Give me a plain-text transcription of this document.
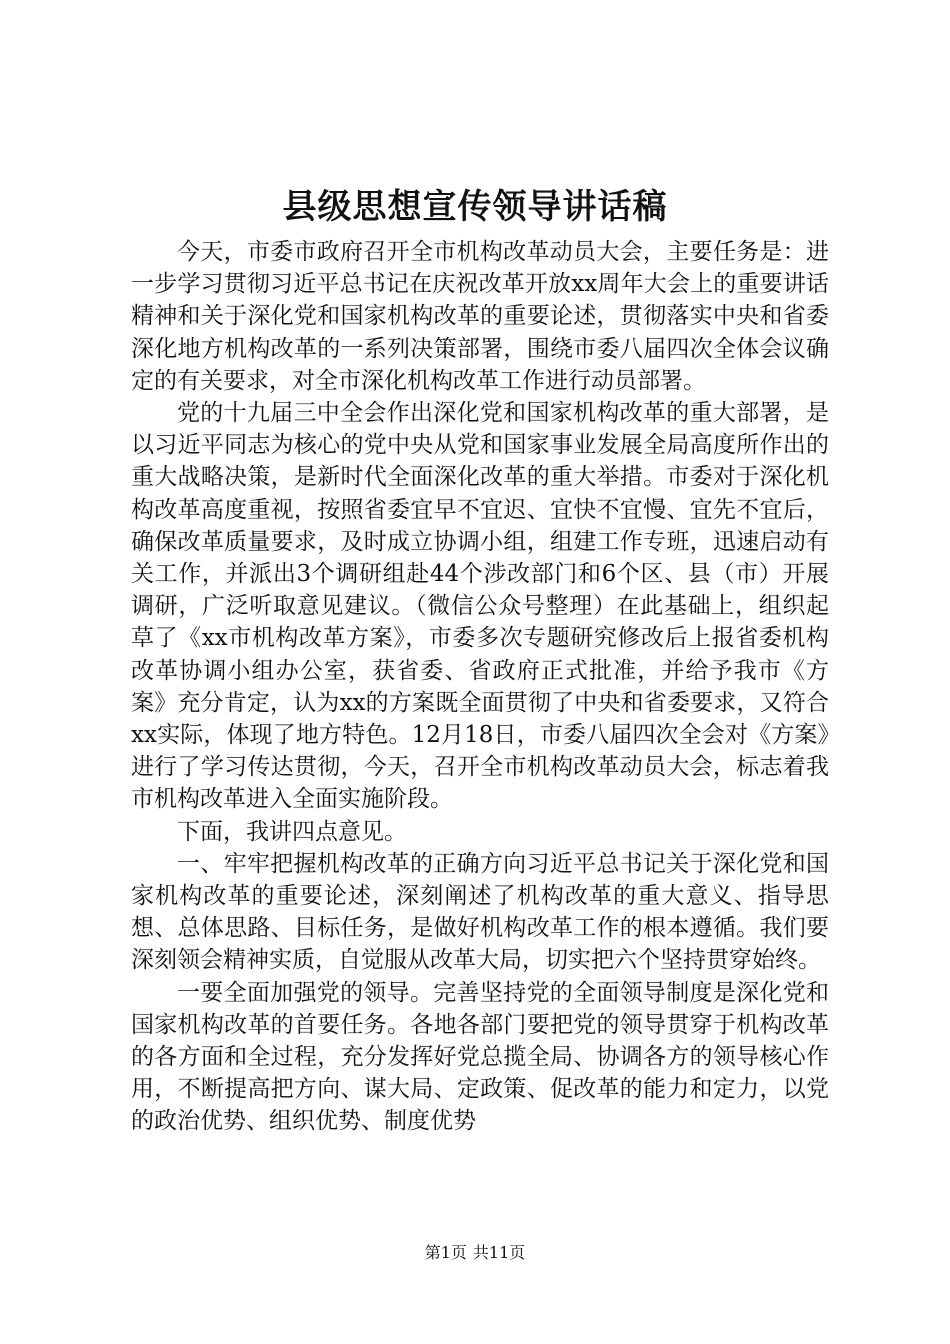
县级思想宣传领导讲话稿

今天，市委市政府召开全市机构改革动员大会，主要任务是：进一步学习贯彻习近平总书记在庆祝改革开放xx周年大会上的重要讲话精神和关于深化党和国家机构改革的重要论述，贯彻落实中央和省委深化地方机构改革的一系列决策部署，围绕市委八届四次全体会议确定的有关要求，对全市深化机构改革工作进行动员部署。

党的十九届三中全会作出深化党和国家机构改革的重大部署，是以习近平同志为核心的党中央从党和国家事业发展全局高度所作出的重大战略决策，是新时代全面深化改革的重大举措。市委对于深化机构改革高度重视，按照省委宜早不宜迟、宜快不宜慢、宜先不宜后，确保改革质量要求，及时成立协调小组，组建工作专班，迅速启动有关工作，并派出3个调研组赴44个涉改部门和6个区、县（市）开展调研，广泛听取意见建议。（微信公众号整理）在此基础上，组织起草了《xx市机构改革方案》，市委多次专题研究修改后上报省委机构改革协调小组办公室，获省委、省政府正式批准，并给予我市《方案》充分肯定，认为xx的方案既全面贯彻了中央和省委要求，又符合xx实际，体现了地方特色。12月18日，市委八届四次全会对《方案》进行了学习传达贯彻，今天，召开全市机构改革动员大会，标志着我市机构改革进入全面实施阶段。

下面，我讲四点意见。

一、牢牢把握机构改革的正确方向习近平总书记关于深化党和国家机构改革的重要论述，深刻阐述了机构改革的重大意义、指导思想、总体思路、目标任务，是做好机构改革工作的根本遵循。我们要深刻领会精神实质，自觉服从改革大局，切实把六个坚持贯穿始终。

一要全面加强党的领导。完善坚持党的全面领导制度是深化党和国家机构改革的首要任务。各地各部门要把党的领导贯穿于机构改革的各方面和全过程，充分发挥好党总揽全局、协调各方的领导核心作用，不断提高把方向、谋大局、定政策、促改革的能力和定力，以党的政治优势、组织优势、制度优势

第1页 共11页
